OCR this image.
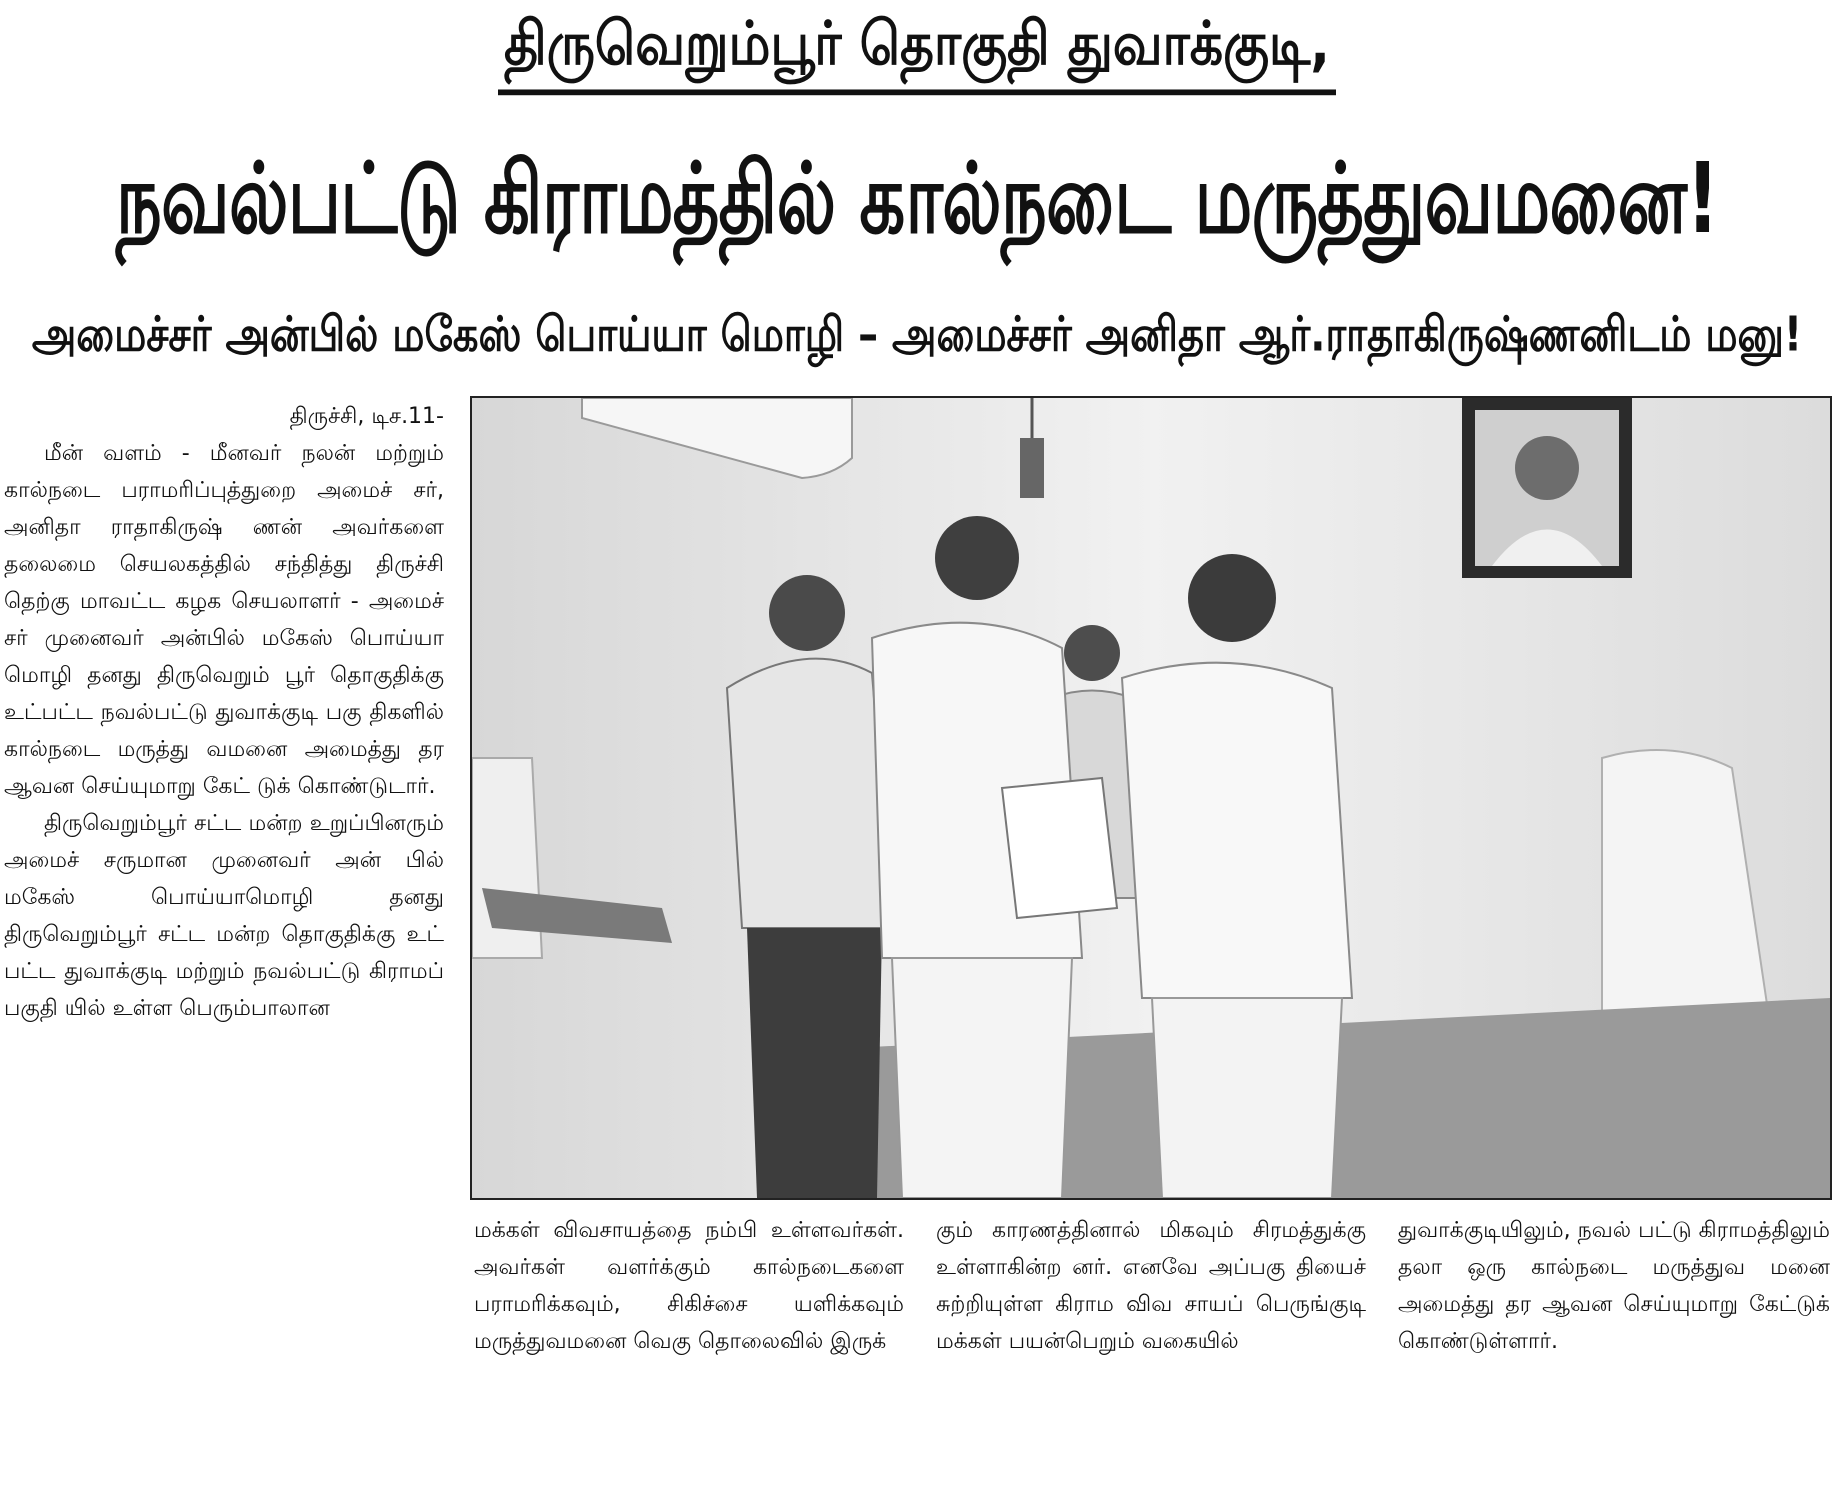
திருவெறும்பூர் தொகுதி துவாக்குடி,
நவல்பட்டு கிராமத்தில் கால்நடை மருத்துவமனை!
அமைச்சர் அன்பில் மகேஸ் பொய்யா மொழி – அமைச்சர் அனிதா ஆர்.ராதாகிருஷ்ணனிடம் மனு!

திருச்சி, டிச.11-

மீன் வளம் - மீனவர் நலன் மற்றும் கால்நடை பராமரிப்புத்துறை அமைச் சர், அனிதா ராதாகிருஷ் ணன் அவர்களை தலைமை செயலகத்தில் சந்தித்து திருச்சி தெற்கு மாவட்ட கழக செயலாளர் - அமைச் சர் முனைவர் அன்பில் மகேஸ் பொய்யா மொழி தனது திருவெறும் பூர் தொகுதிக்கு உட்பட்ட நவல்பட்டு துவாக்குடி பகு திகளில் கால்நடை மருத்து வமனை அமைத்து தர ஆவன செய்யுமாறு கேட் டுக் கொண்டுடார்.

திருவெறும்பூர் சட்ட மன்ற உறுப்பினரும் அமைச் சருமான முனைவர் அன் பில் மகேஸ் பொய்யாமொழி தனது திருவெறும்பூர் சட்ட மன்ற தொகுதிக்கு உட் பட்ட துவாக்குடி மற்றும் நவல்பட்டு கிராமப் பகுதி யில் உள்ள பெரும்பாலான

மக்கள் விவசாயத்தை நம்பி உள்ளவர்கள். அவர்கள் வளர்க்கும் கால்நடைகளை பராமரிக்கவும், சிகிச்சை யளிக்கவும் மருத்துவமனை வெகு தொலைவில் இருக்

கும் காரணத்தினால் மிகவும் சிரமத்துக்கு உள்ளாகின்ற னர். எனவே அப்பகு தியைச் சுற்றியுள்ள கிராம விவ சாயப் பெருங்குடி மக்கள் பயன்பெறும் வகையில்

துவாக்குடியிலும், நவல் பட்டு கிராமத்திலும் தலா ஒரு கால்நடை மருத்துவ மனை அமைத்து தர ஆவன செய்யுமாறு கேட்டுக் கொண்டுள்ளார்.
